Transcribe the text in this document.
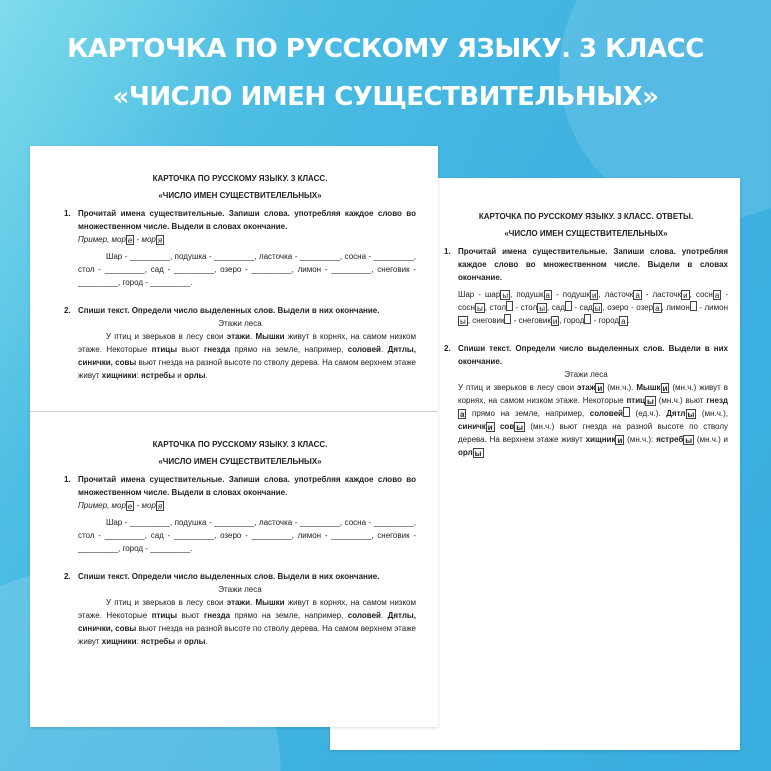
КАРТОЧКА ПО РУССКОМУ ЯЗЫКУ. 3 КЛАСС
«ЧИСЛО ИМЕН СУЩЕСТВИТЕЛЬНЫХ»
КАРТОЧКА ПО РУССКОМУ ЯЗЫКУ. 3 КЛАСС. ОТВЕТЫ.
«ЧИСЛО ИМЕН СУЩЕСТВИТЕЛЕЛЬНЫХ»
1. Прочитай имена существительные. Запиши слова. употребляя каждое слово во множественном числе. Выдели в словах окончание.
Шар - шар ы , подушк а - подушк и , ласточк а - ласточк и , сосн а - сосн ы , стол - стол ы , сад - сад ы , озеро - озер а , лимон - лимоны , снеговик - снеговик и , город - город а .
2. Спиши текст. Определи число выделенных слов. Выдели в них окончание.
Этажи леса
У птиц и зверьков в лесу свои этаж и (мн.ч.). Мышк и (мн.ч.) живут в корнях, на самом низком этаже. Некоторые птиц ы (мн.ч.) вьют гнезда прямо на земле, например, соловей (ед.ч.). Дятл ы (мн.ч.), синичк и сов ы (мн.ч.) вьют гнезда на разной высоте по стволу дерева. На верхнем этаже живут хищник и (мн.ч.): ястреб ы (мн.ч.) и орл ы
КАРТОЧКА ПО РУССКОМУ ЯЗЫКУ. 3 КЛАСС.
«ЧИСЛО ИМЕН СУЩЕСТВИТЕЛЕЛЬНЫХ»
1. Прочитай имена существительные. Запиши слова. употребляя каждое слово во множественном числе. Выдели в словах окончание.
Пример, мор е - мор я
Шар - _________, подушка - _________, ласточка - _________, сосна - _________, стол - _________, сад - _________, озеро - _________, лимон - _________, снеговик - _________, город - _________.
2. Спиши текст. Определи число выделенных слов. Выдели в них окончание.
Этажи леса
У птиц и зверьков в лесу свои этажи. Мышки живут в корнях, на самом низком этаже. Некоторые птицы вьют гнезда прямо на земле, например, соловей. Дятлы, синички, совы вьют гнезда на разной высоте по стволу дерева. На самом верхнем этаже живут хищники: ястребы и орлы.
КАРТОЧКА ПО РУССКОМУ ЯЗЫКУ. 3 КЛАСС.
«ЧИСЛО ИМЕН СУЩЕСТВИТЕЛЕЛЬНЫХ»
1. Прочитай имена существительные. Запиши слова. употребляя каждое слово во множественном числе. Выдели в словах окончание.
Пример, мор е - мор я
Шар - _________, подушка - _________, ласточка - _________, сосна - _________, стол - _________, сад - _________, озеро - _________, лимон - _________, снеговик - _________, город - _________.
2. Спиши текст. Определи число выделенных слов. Выдели в них окончание.
Этажи леса
У птиц и зверьков в лесу свои этажи. Мышки живут в корнях, на самом низком этаже. Некоторые птицы вьют гнезда прямо на земле, например, соловей. Дятлы, синички, совы вьют гнезда на разной высоте по стволу дерева. На самом верхнем этаже живут хищники: ястребы и орлы.
